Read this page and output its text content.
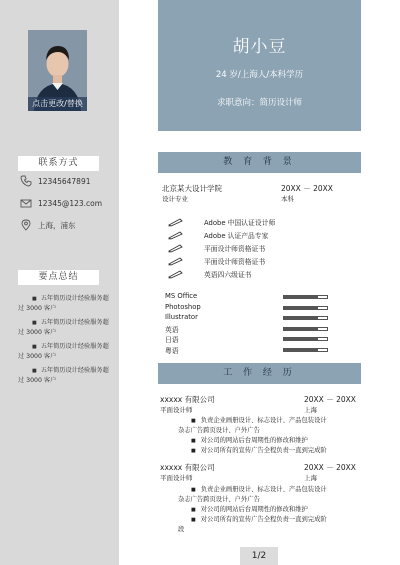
点击更改/替换
联系方式
12345647891
12345@123.com
上海，浦东
要点总结
■ 五年简历设计经验服务超过 3000 客户
■ 五年简历设计经验服务超过 3000 客户
■ 五年简历设计经验服务超过 3000 客户
■ 五年简历设计经验服务超过 3000 客户
胡小豆
24 岁/上海人/本科学历
求职意向：简历设计师
教 育 背 景
北京某大设计学院	20XX － 20XX
设计专业	本科
Adobe 中国认证设计师
Adobe 认证产品专家
平面设计师资格证书
平面设计师资格证书
英语四六级证书
MS Office
Photoshop
Illustrator
英语
日语
粤语
工 作 经 历
xxxxx 有限公司	20XX － 20XX
平面设计师	上海
■ 负责企业画册设计、标志设计、产品包装设计
杂志广告跨页设计、户外广告
■ 对公司的网站后台周期性的修改和维护
■ 对公司所有的宣传广告全程负责一直到完成阶
xxxxx 有限公司	20XX － 20XX
平面设计师	上海
■ 负责企业画册设计、标志设计、产品包装设计
杂志广告跨页设计、户外广告
■ 对公司的网站后台周期性的修改和维护
■ 对公司所有的宣传广告全程负责一直到完成阶
段
1/2
